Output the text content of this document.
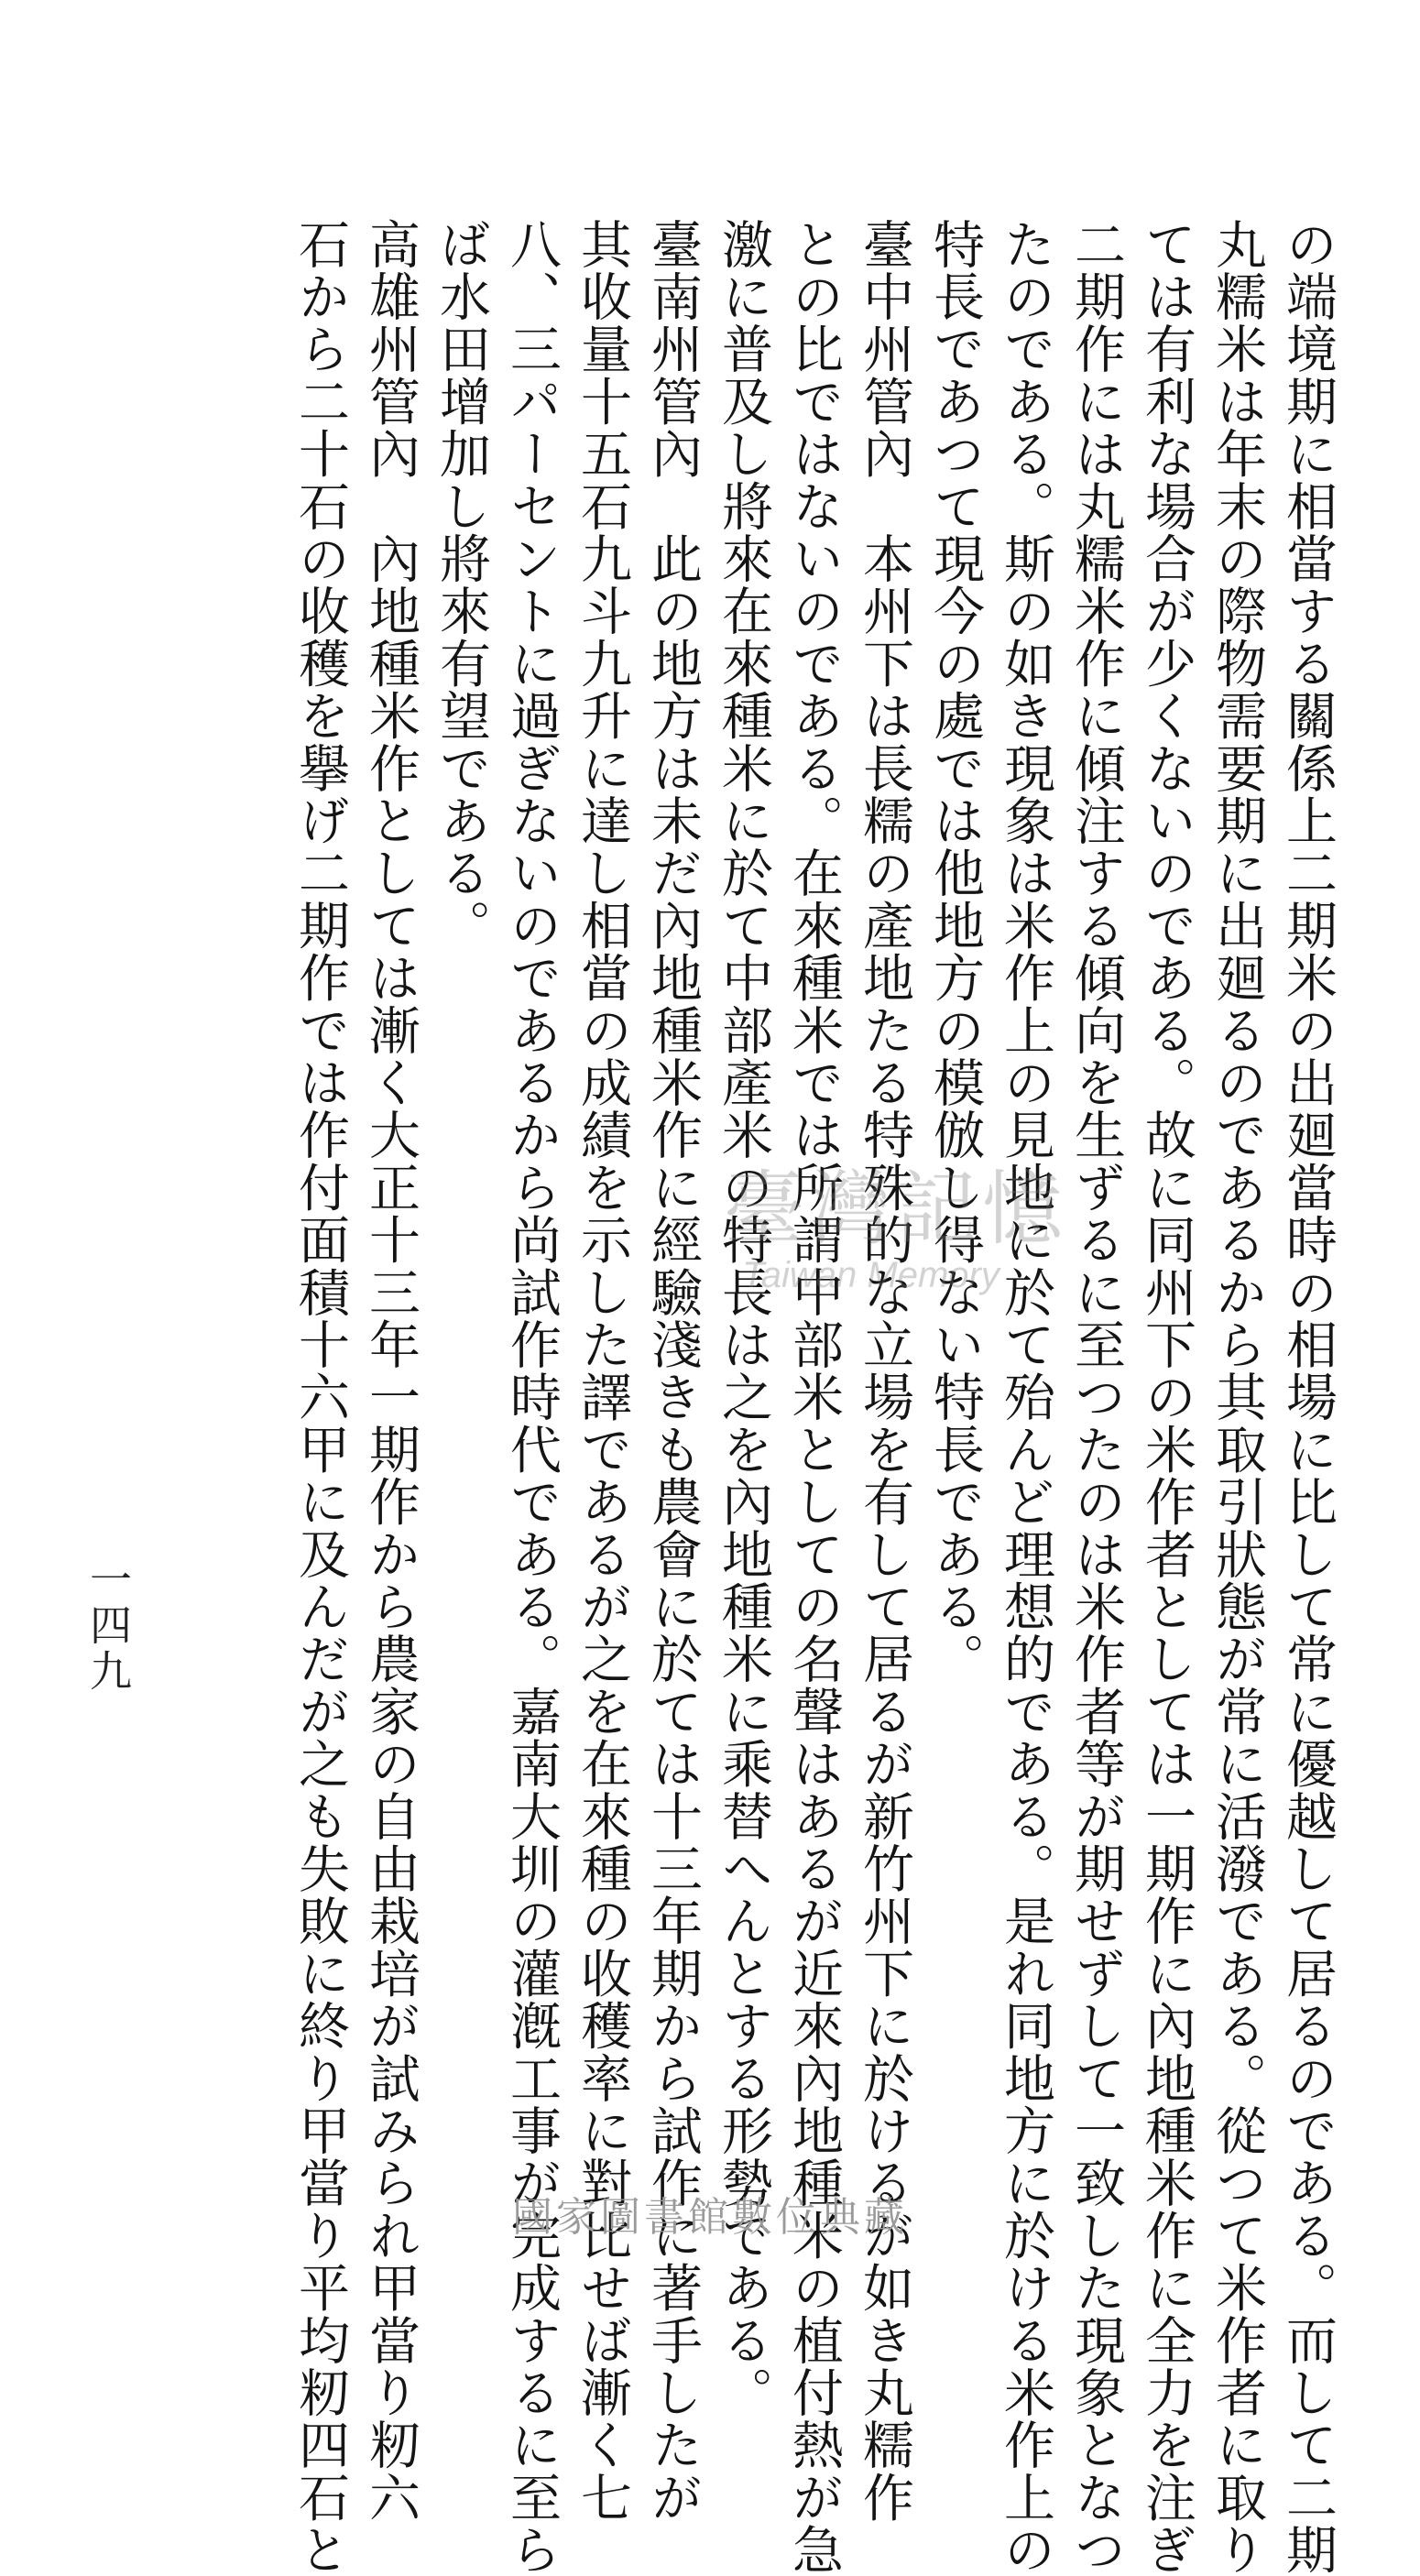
の端境期に相當する關係上二期米の出廻當時の相場に比して常に優越して居るのである。而して二期
丸糯米は年末の際物需要期に出廻るのであるから其取引狀態が常に活潑である。從つて米作者に取り
ては有利な場合が少くないのである。故に同州下の米作者としては一期作に內地種米作に全力を注ぎ
二期作には丸糯米作に傾注する傾向を生ずるに至つたのは米作者等が期せずして一致した現象となつ
たのである。斯の如き現象は米作上の見地に於て殆んど理想的である。是れ同地方に於ける米作上の
特長であつて現今の處では他地方の模倣し得ない特長である。
臺中州管內　本州下は長糯の產地たる特殊的な立場を有して居るが新竹州下に於けるが如き丸糯作
との比ではないのである。在來種米では所謂中部米としての名聲はあるが近來內地種米の植付熱が急
激に普及し將來在來種米に於て中部產米の特長は之を內地種米に乘替へんとする形勢である。
臺南州管內　此の地方は未だ內地種米作に經驗淺きも農會に於ては十三年期から試作に著手したが
其收量十五石九斗九升に達し相當の成績を示した譯であるが之を在來種の收穫率に對比せば漸く七
八、三パーセントに過ぎないのであるから尚試作時代である。嘉南大圳の灌漑工事が完成するに至ら
ば水田增加し將來有望である。
高雄州管內　內地種米作としては漸く大正十三年一期作から農家の自由栽培が試みられ甲當り籾六
石から二十石の收穫を擧げ二期作では作付面積十六甲に及んだが之も失敗に終り甲當り平均籾四石と
一四九
臺灣記憶
Taiwan Memory
國家圖書館數位典藏
